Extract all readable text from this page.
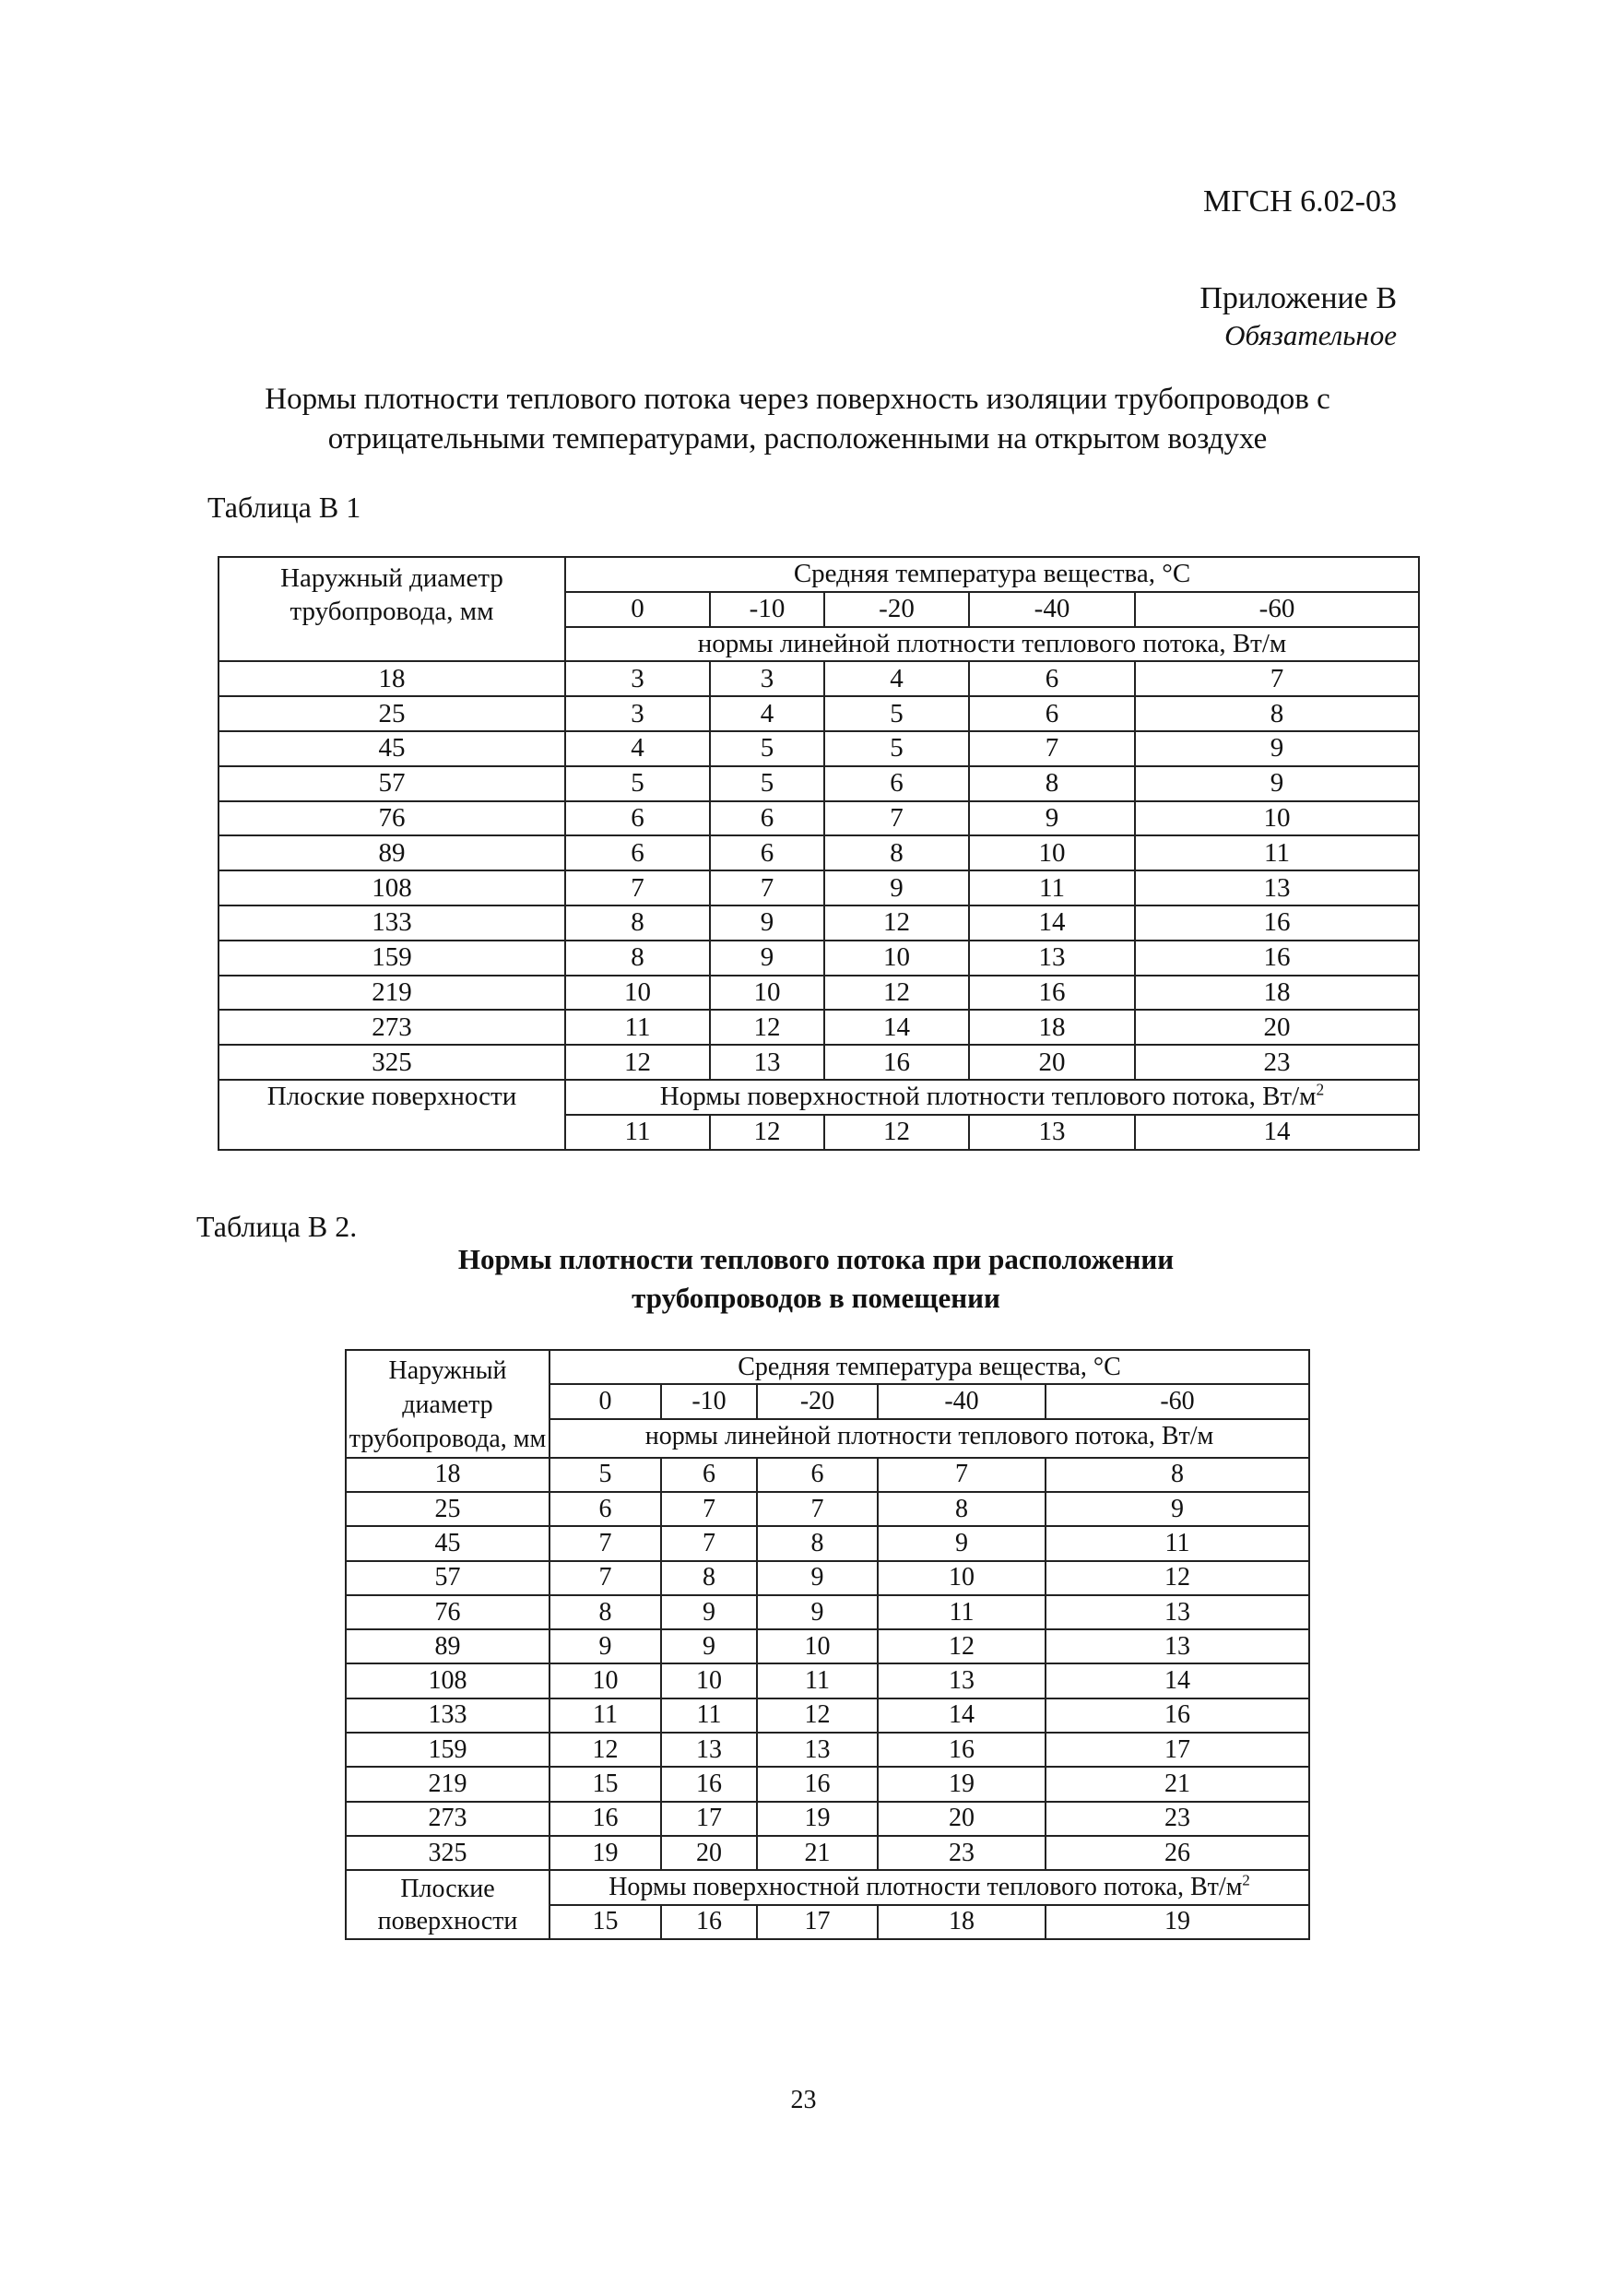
МГСН 6.02-03
Приложение В
Обязательное
Нормы плотности теплового потока через поверхность изоляции трубопроводов с отрицательными температурами, расположенными на открытом воздухе
Таблица В 1
Наружный диаметр трубопровода, мм	Средняя температура вещества, °С				
	0	-10	-20	-40	-60
	нормы линейной плотности теплового потока, Вт/м				
18	3	3	4	6	7
25	3	4	5	6	8
45	4	5	5	7	9
57	5	5	6	8	9
76	6	6	7	9	10
89	6	6	8	10	11
108	7	7	9	11	13
133	8	9	12	14	16
159	8	9	10	13	16
219	10	10	12	16	18
273	11	12	14	18	20
325	12	13	16	20	23
Плоские поверхности	Нормы поверхностной плотности теплового потока, $Вт/м^2$
	11	12	12	13	14
Таблица В 2.
Нормы плотности теплового потока при расположении
трубопроводов в помещении
Наружный диаметр трубопровода, мм	Средняя температура вещества, °С				
	0	-10	-20	-40	-60
	нормы линейной плотности теплового потока, Вт/м				

18	5	6	6	7	8
25	6	7	7	8	9
45	7	7	8	9	11
57	7	8	9	10	12
76	8	9	9	11	13
89	9	9	10	12	13
108	10	10	11	13	14
133	11	11	12	14	16
159	12	13	13	16	17
219	15	16	16	19	21
273	16	17	19	20	23
325	19	20	21	23	26
Плоские поверхности	Нормы поверхностной плотности теплового потока, $Вт/м^2$
	15	16	17	18	19
23
